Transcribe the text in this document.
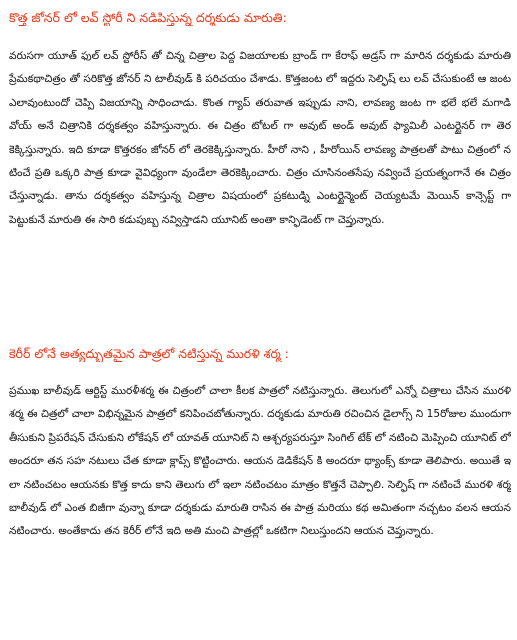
కొత్త జోనర్ లో లవ్ స్టోరీ ని నడిపిస్తున్న దర్శకుడు మారుతి:

వరుసగా యూత్ ఫుల్ లవ్ స్టోరీస్ తో చిన్న చిత్రాల పెద్ద విజయాలకు బ్రాండ్ గా కేరాఫ్ అడ్రస్ గా మారిన దర్శకుడు మారుతి ప్రేమకథాచిత్రం తో సరికొత్త జోనర్ ని టాలీవుడ్ కి పరిచయం చేశాడు. కొత్తజంట లో ఇద్దరు సెల్ఫిష్ లు లవ్ చేసుకుంటే ఆ జంట ఎలావుంటుందో చెప్పి విజయాన్ని సాధించాడు. కొంత గ్యాప్ తరువాత ఇప్పుడు నాని, లావణ్య జంట గా భలే భలే మగాడి వోయ్ అనే చిత్రానికి దర్శకత్వం వహిస్తున్నారు. ఈ చిత్రం టోటల్ గా అవుట్ అండ్ అవుట్ ఫ్యామిలీ ఎంటర్టైనర్ గా తెరకెక్కిస్తున్నారు. ఇది కూడా కొత్తరకం జోనర్ లో తెరకెక్కిస్తున్నారు. హీరో నాని , హీరోయిన్ లావణ్య పాత్రలతో పాటు చిత్రంలో నటించే ప్రతి ఒక్కరి పాత్ర కూడా వైవిధ్యంగా వుండేలా తెరకెక్కించారు. చిత్రం చూసినంతసేపు నవ్వించే ప్రయత్నంగానే ఈ చిత్రం చేస్తున్నాడు. తాను దర్శకత్వం వహిస్తున్న చిత్రాల విషయంలో ప్రకటుడ్ని ఎంటర్టైన్మెంట్ చెయ్యటమే మెయిన్ కాన్సెప్ట్ గా పెట్టుకునే మారుతి ఈ సారి కడుపుబ్బ నవ్విస్తాడని యూనిట్ అంతా కాన్ఫిడెంట్ గా చెప్తున్నారు.

కెరీర్ లోనే అత్యద్భుతమైన పాత్రలో నటిస్తున్న మురళి శర్మ :

ప్రముఖ బాలీవుడ్ ఆర్టిస్ట్ మురళీశర్మ ఈ చిత్రంలో చాలా కీలక పాత్రలో నటిస్తున్నారు. తెలుగులో ఎన్నో చిత్రాలు చేసిన మురళి శర్మ ఈ చిత్రలో చాలా విభిన్నమైన పాత్రలో కనిపించబోతున్నారు. దర్శకుడు మారుతి రచించిన డైలాగ్స్ ని 15రోజుల ముందుగా తీసుకుని ప్రిపరేషన్ చేసుకుని లోకేషన్ లో యావత్ యూనిట్ ని ఆశ్చర్యపరుస్తూ సింగిల్ టేక్ లో నటించి మెప్పించి యూనిట్ లో అందరూ తన సహ నటులు చేత కూడా క్లాప్స్ కొట్టించారు. ఆయన డెడికేషన్ కి అందరూ థ్యాంక్స్ కూడా తెలిపారు. అయితే ఇలా నటించటం ఆయనకు కొత్త కాదు కాని తెలుగు లో ఇలా నటించటం మాత్రం కొత్తనే చెప్పాలి. సెల్ఫిష్ గా నటించే మురళి శర్మ బాలీవుడ్ లో ఎంత బిజీగా వున్నా కూడా దర్శకుడు మారుతి రాసిన ఈ పాత్ర మరియు కథ అమితంగా నచ్చటం వలన ఆయన నటించారు. అంతేకాదు తన కెరీర్ లోనే ఇది అతి మంచి పాత్రల్లో ఒకటిగా నిలుస్తుందని ఆయన చెప్తున్నారు.
